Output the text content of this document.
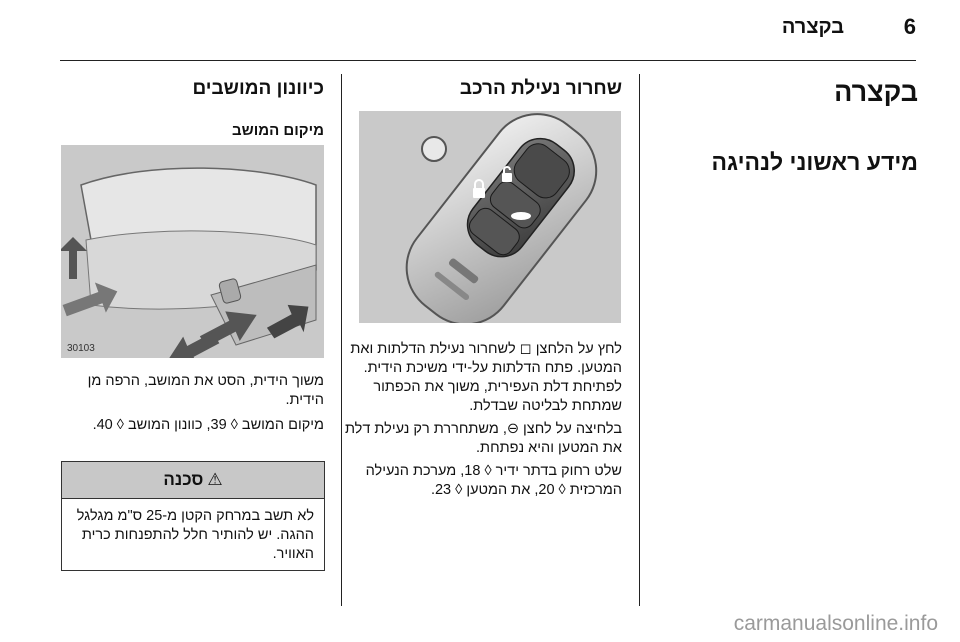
6
בקצרה
בקצרה
מידע ראשוני לנהיגה
שחרור נעילת הרכב

לחץ על הלחצן ◻ לשחרור נעילת הדלתות ואת המטען. פתח הדלתות על-ידי משיכת הידית. לפתיחת דלת העפירית, משוך את הכפתור שמתחת לבליטה שבדלת.

בלחיצה על לחצן ⊖, משתחררת רק נעילת דלת את המטען והיא נפתחת.

שלט רחוק בדתר ידיר ◊ 18, מערכת הנעילה המרכזית ◊ 20, את המטען ◊ 23.

כיוונון המושבים
מיקום המושב
30103

משוך הידית, הסט את המושב, הרפה מן הידית.

מיקום המושב ◊ 39, כוונון המושב ◊ 40.

⚠
סכנה
לא תשב במרחק הקטן מ-25 ס"מ מגלגל ההגה. יש להותיר חלל להתפנחות כרית האוויר.
carmanualsonline.info
